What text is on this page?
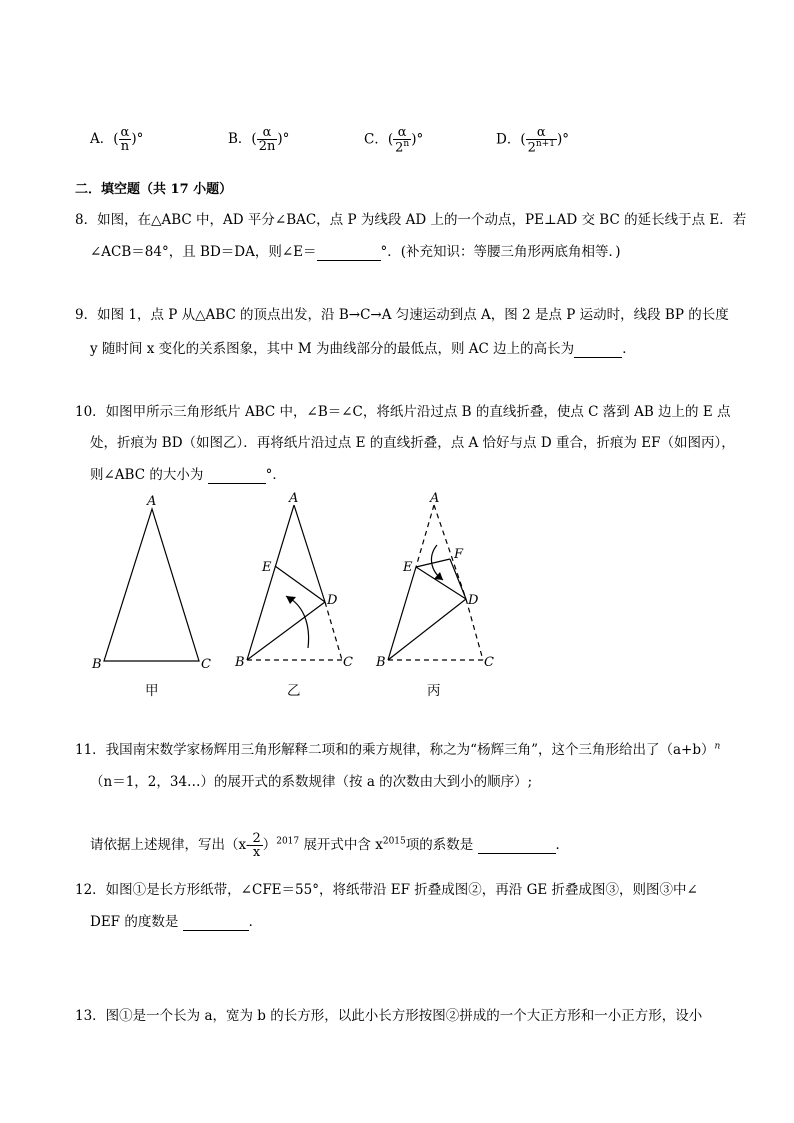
A．( $\frac{\alpha}{n}$ )°	B．( $\frac{\alpha}{2n}$ )°	C．( $\frac{\alpha}{2^n}$ )°	D．( $\frac{\alpha}{2^{n+1}}$ )°
二．填空题（共 17 小题）
8．如图，在△ABC 中，AD 平分∠BAC，点 P 为线段 AD 上的一个动点，PE⊥AD 交 BC 的延长线于点 E．若
∠ACB＝84°，且 BD＝DA，则∠E＝	°．(补充知识：等腰三角形两底角相等．)
9．如图 1，点 P 从△ABC 的顶点出发，沿 B→C→A 匀速运动到点 A，图 2 是点 P 运动时，线段 BP 的长度
y 随时间 x 变化的关系图象，其中 M 为曲线部分的最低点，则 AC 边上的高长为	．
10．如图甲所示三角形纸片 ABC 中，∠B＝∠C，将纸片沿过点 B 的直线折叠，使点 C 落到 AB 边上的 E 点
处，折痕为 BD（如图乙）．再将纸片沿过点 E 的直线折叠，点 A 恰好与点 D 重合，折痕为 EF（如图丙），
则∠ABC 的大小为	°．
A
B	C
A
E
D
B	C
A
F
E
D
B	C
甲	乙	丙
11．我国南宋数学家杨辉用三角形解释二项和的乘方规律，称之为“杨辉三角”，这个三角形给出了$(a+b)^n$
（n＝1，2，34…）的展开式的系数规律（按 a 的次数由大到小的顺序）;
请依据上述规律，写出$(x- \frac{2}{x} )^{2017}$ 展开式中含 $x^{2015}$项的系数是	．
12．如图①是长方形纸带，∠CFE＝55°，将纸带沿 EF 折叠成图②，再沿 GE 折叠成图③，则图③中∠
DEF 的度数是	．
13．图①是一个长为 a，宽为 b 的长方形，以此小长方形按图②拼成的一个大正方形和一小正方形，设小
